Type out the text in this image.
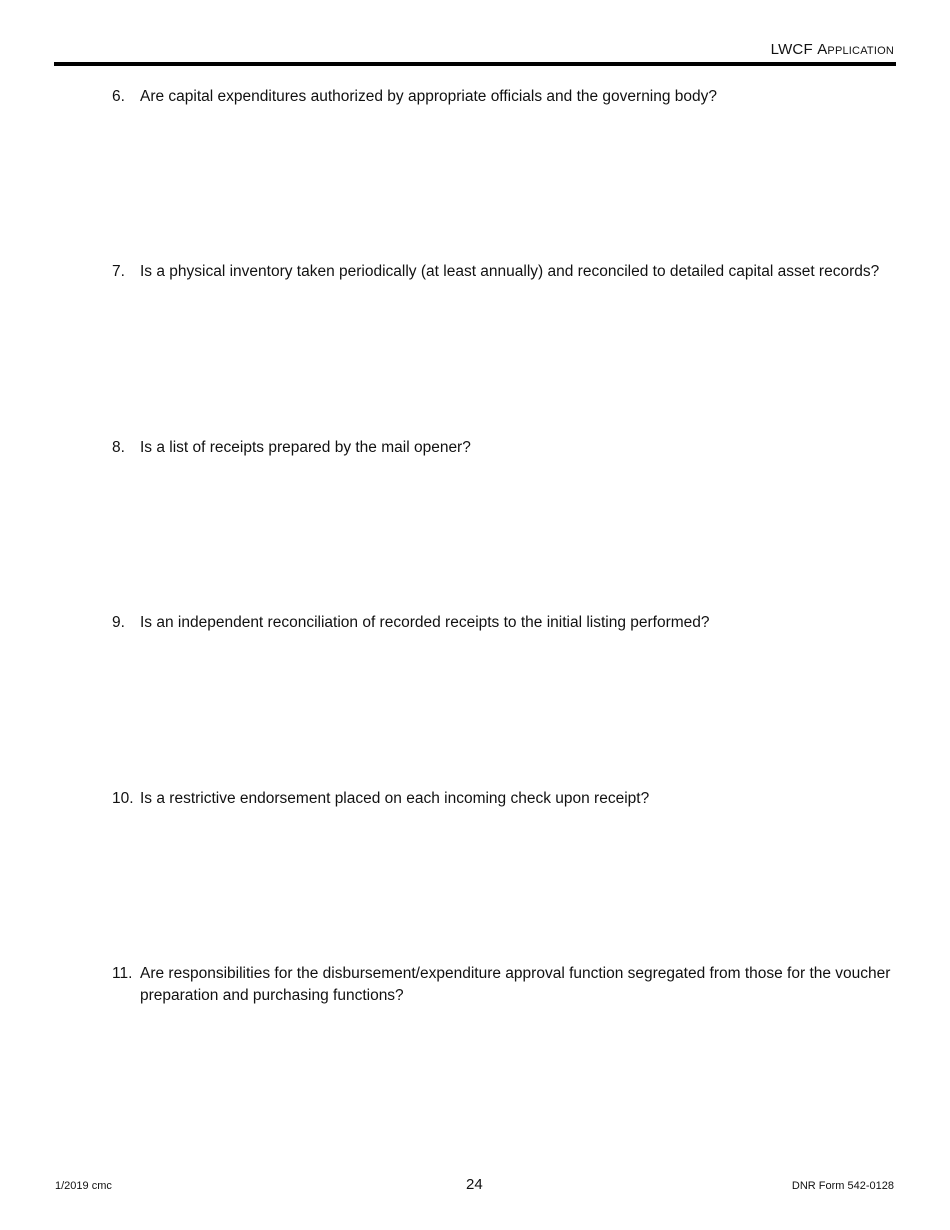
LWCF Application
6. Are capital expenditures authorized by appropriate officials and the governing body?
7. Is a physical inventory taken periodically (at least annually) and reconciled to detailed capital asset records?
8. Is a list of receipts prepared by the mail opener?
9. Is an independent reconciliation of recorded receipts to the initial listing performed?
10. Is a restrictive endorsement placed on each incoming check upon receipt?
11. Are responsibilities for the disbursement/expenditure approval function segregated from those for the voucher preparation and purchasing functions?
1/2019 cmc	24	DNR Form 542-0128
